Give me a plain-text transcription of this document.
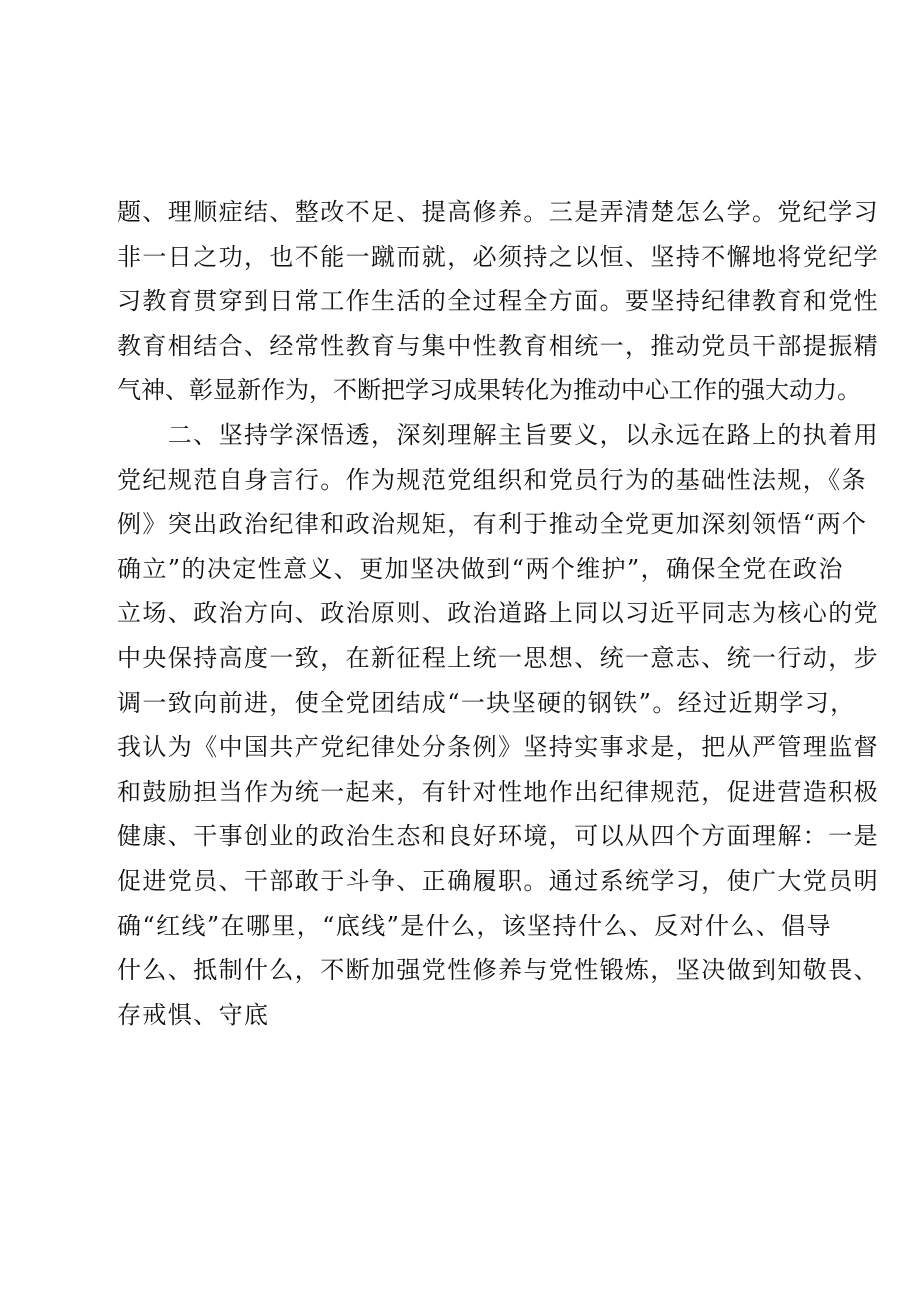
题、理顺症结、整改不足、提高修养。三是弄清楚怎么学。党纪学习
非一日之功，也不能一蹴而就，必须持之以恒、坚持不懈地将党纪学
习教育贯穿到日常工作生活的全过程全方面。要坚持纪律教育和党性
教育相结合、经常性教育与集中性教育相统一，推动党员干部提振精
气神、彰显新作为，不断把学习成果转化为推动中心工作的强大动力。
　　二、坚持学深悟透，深刻理解主旨要义，以永远在路上的执着用
党纪规范自身言行。作为规范党组织和党员行为的基础性法规，《条
例》突出政治纪律和政治规矩，有利于推动全党更加深刻领悟“两个
确立”的决定性意义、更加坚决做到“两个维护”，确保全党在政治
立场、政治方向、政治原则、政治道路上同以习近平同志为核心的党
中央保持高度一致，在新征程上统一思想、统一意志、统一行动，步
调一致向前进，使全党团结成“一块坚硬的钢铁”。经过近期学习，
我认为《中国共产党纪律处分条例》坚持实事求是，把从严管理监督
和鼓励担当作为统一起来，有针对性地作出纪律规范，促进营造积极
健康、干事创业的政治生态和良好环境，可以从四个方面理解：一是
促进党员、干部敢于斗争、正确履职。通过系统学习，使广大党员明
确“红线”在哪里，“底线”是什么，该坚持什么、反对什么、倡导
什么、抵制什么，不断加强党性修养与党性锻炼，坚决做到知敬畏、
存戒惧、守底
